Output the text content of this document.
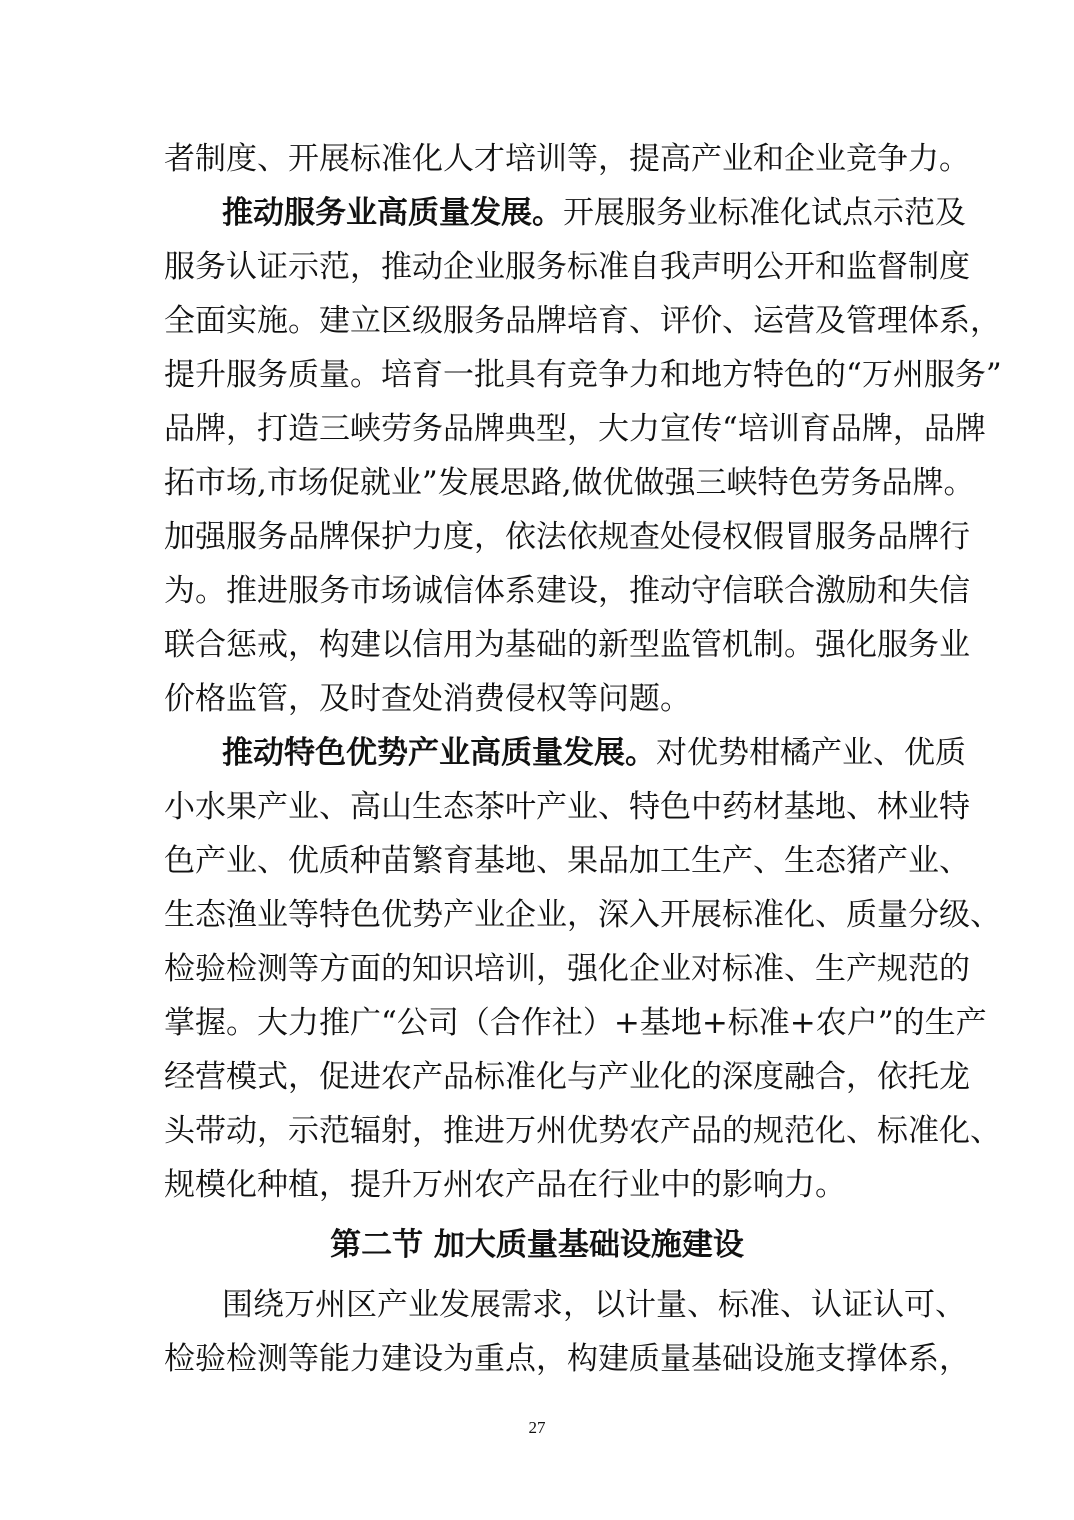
者制度、开展标准化人才培训等，提高产业和企业竞争力。
推动服务业高质量发展。开展服务业标准化试点示范及
服务认证示范，推动企业服务标准自我声明公开和监督制度
全面实施。建立区级服务品牌培育、评价、运营及管理体系，
提升服务质量。培育一批具有竞争力和地方特色的“万州服务”
品牌，打造三峡劳务品牌典型，大力宣传“培训育品牌，品牌
拓市场,市场促就业”发展思路,做优做强三峡特色劳务品牌。
加强服务品牌保护力度，依法依规查处侵权假冒服务品牌行
为。推进服务市场诚信体系建设，推动守信联合激励和失信
联合惩戒，构建以信用为基础的新型监管机制。强化服务业
价格监管，及时查处消费侵权等问题。
推动特色优势产业高质量发展。对优势柑橘产业、优质
小水果产业、高山生态茶叶产业、特色中药材基地、林业特
色产业、优质种苗繁育基地、果品加工生产、生态猪产业、
生态渔业等特色优势产业企业，深入开展标准化、质量分级、
检验检测等方面的知识培训，强化企业对标准、生产规范的
掌握。大力推广“公司（合作社）+基地+标准+农户”的生产
经营模式，促进农产品标准化与产业化的深度融合，依托龙
头带动，示范辐射，推进万州优势农产品的规范化、标准化、
规模化种植，提升万州农产品在行业中的影响力。
第二节 加大质量基础设施建设
围绕万州区产业发展需求，以计量、标准、认证认可、
检验检测等能力建设为重点，构建质量基础设施支撑体系，
27
